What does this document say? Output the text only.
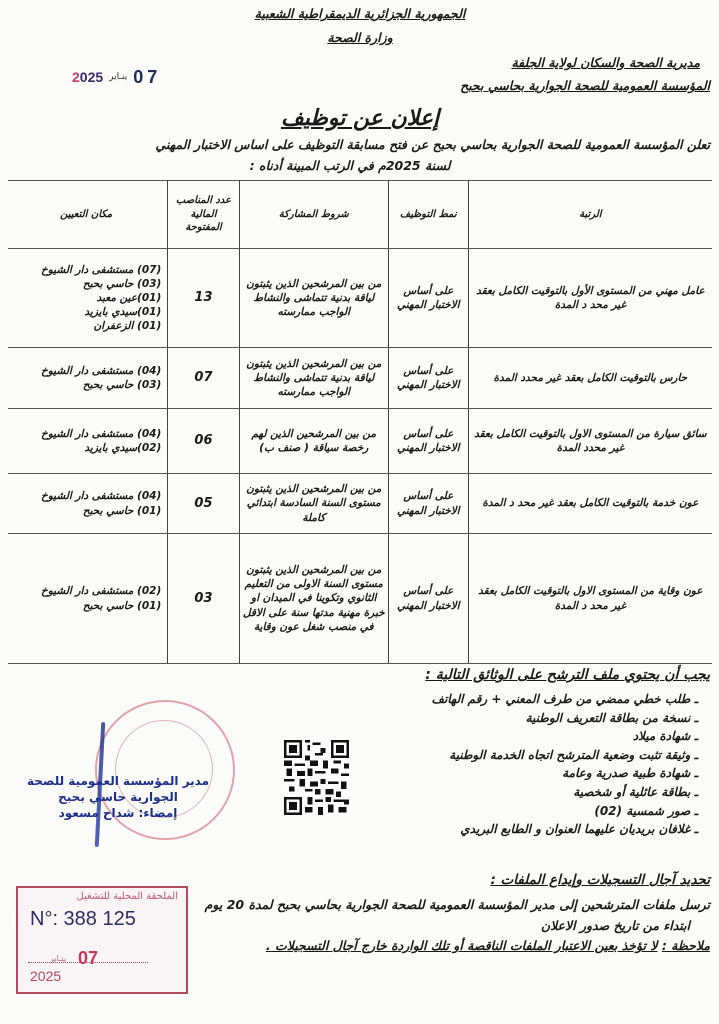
الجمهورية الجزائرية الديمقراطية الشعبية
وزارة الصحة
مديرية الصحة والسكان لولاية الجلفة
المؤسسة العمومية للصحة الجوارية بحاسي بحبح
2025 ينـاير 07
إعلان عن توظيف
تعلن المؤسسة العمومية للصحة الجوارية بحاسي بحبح عن فتح مسابقة التوظيف على اساس الاختبار المهني
لسنة 2025م في الرتب المبينة أدناه :
الرتبة	نمط التوظيف	شروط المشاركة	عدد المناصب المالية المفتوحة	مكان التعيين
عامل مهني من المستوى الأول بالتوقيت الكامل بعقد غير محد د المدة	على أساس الاختبار المهني	من بين المرشحين الذين يثبتون لياقة بدنية تتماشى والنشاط الواجب ممارسته	13	(07) مستشفى دار الشيوخ
(03) حاسي بحبح
(01)عين معبد
(01)سيدي بايزيد
(01) الزعفران

حارس بالتوقيت الكامل بعقد غير محدد المدة	على أساس الاختبار المهني	من بين المرشحين الذين يثبتون لياقة بدنية تتماشى والنشاط الواجب ممارسته	07	(04) مستشفى دار الشيوخ
(03) حاسي بحبح

سائق سيارة من المستوى الاول بالتوقيت الكامل بعقد غير محدد المدة	على أساس الاختبار المهني	من بين المرشحين الذين لهم رخصة سياقة ( صنف ب)	06	(04) مستشفى دار الشيوخ
(02)سيدي بايزيد

عون خدمة بالتوقيت الكامل بعقد غير محد د المدة	على أساس الاختبار المهني	من بين المرشحين الذين يثبتون مستوى السنة السادسة ابتدائي كاملة	05	(04) مستشفى دار الشيوخ
(01) حاسي بحبح

عون وقاية من المستوى الاول بالتوقيت الكامل بعقد غير محد د المدة	على أساس الاختبار المهني	من بين المرشحين الذين يثبتون مستوى السنة الاولى من التعليم الثانوي وتكوينا في الميدان او خبرة مهنية مدتها سنة على الاقل في منصب شغل عون وقاية	03	(02) مستشفى دار الشيوخ
(01) حاسي بحبح
يجب أن يحتوي ملف الترشح على الوثائق التالية :
ـ طلب خطي ممضي من طرف المعني + رقم الهاتف
ـ نسخة من بطاقة التعريف الوطنية
ـ شهادة ميلاد
ـ وثيقة تثبت وضعية المترشح اتجاه الخدمة الوطنية
ـ شهادة طبية صدرية وعامة
ـ بطاقة عائلية أو شخصية
ـ صور شمسية (02)
ـ غلافان بريديان عليهما العنوان و الطابع البريدي
مدير المؤسسة العمومية للصحة
الجوارية حاسي بحبح
إمضاء: شداح مسعود
تحديد آجال التسجيلات وإيداع الملفات :
ترسل ملفات المترشحين إلى مدير المؤسسة العمومية للصحة الجوارية بحاسي بحبح لمدة 20 يوم
ابتداء من تاريخ صدور الاعلان
ملاحظة : لا تؤخذ بعين الاعتبار الملفات الناقصة أو تلك الواردة خارج آجال التسجيلات .
الملحقة المحلية للتشغيل
N°: 388 125
ينـاير 07
2025
